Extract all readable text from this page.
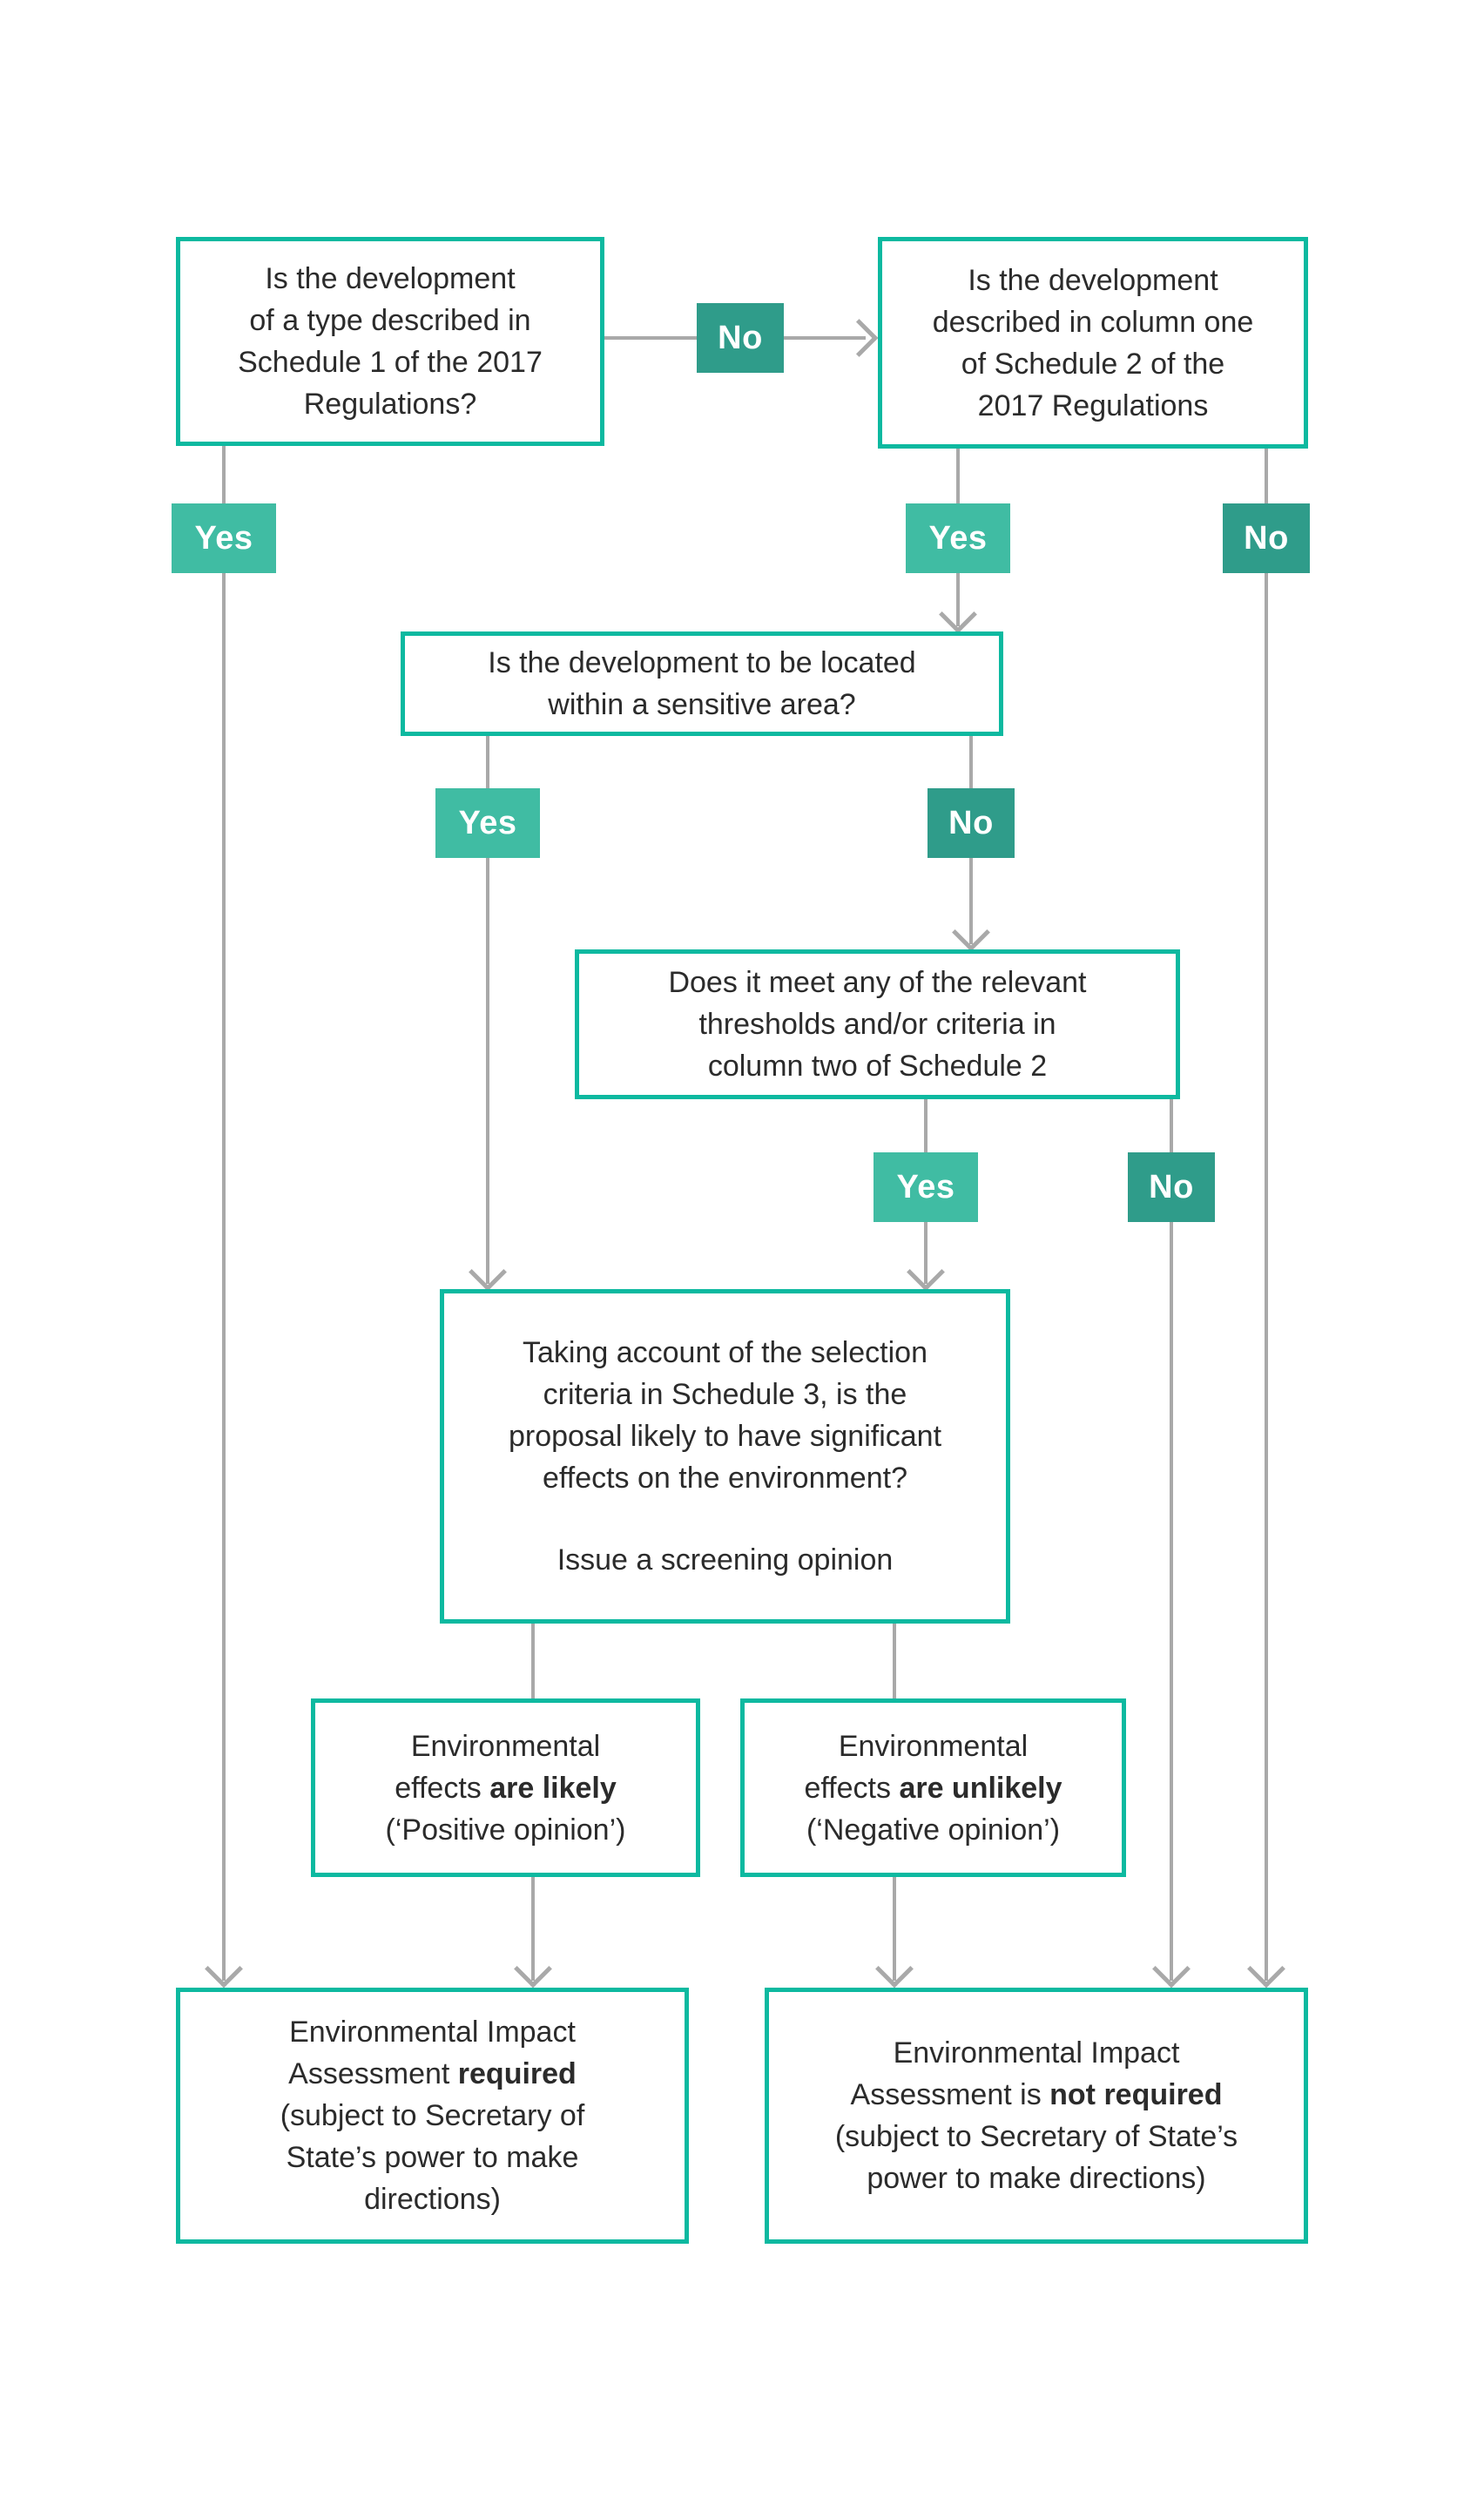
No
Yes	Yes	No
Yes	No
Yes	No
Is the development
of a type described in
Schedule 1 of the 2017
Regulations?
Is the development
described in column one
of Schedule 2 of the
2017 Regulations
Is the development to be located
within a sensitive area?
Does it meet any of the relevant
thresholds and/or criteria in
column two of Schedule 2
Taking account of the selection
criteria in Schedule 3, is the
proposal likely to have significant
effects on the environment?
Issue a screening opinion
Environmental
effects are likely
(‘Positive opinion’)
Environmental
effects are unlikely
(‘Negative opinion’)
Environmental Impact
Assessment required
(subject to Secretary of
State’s power to make
directions)
Environmental Impact
Assessment is not required
(subject to Secretary of State’s
power to make directions)
